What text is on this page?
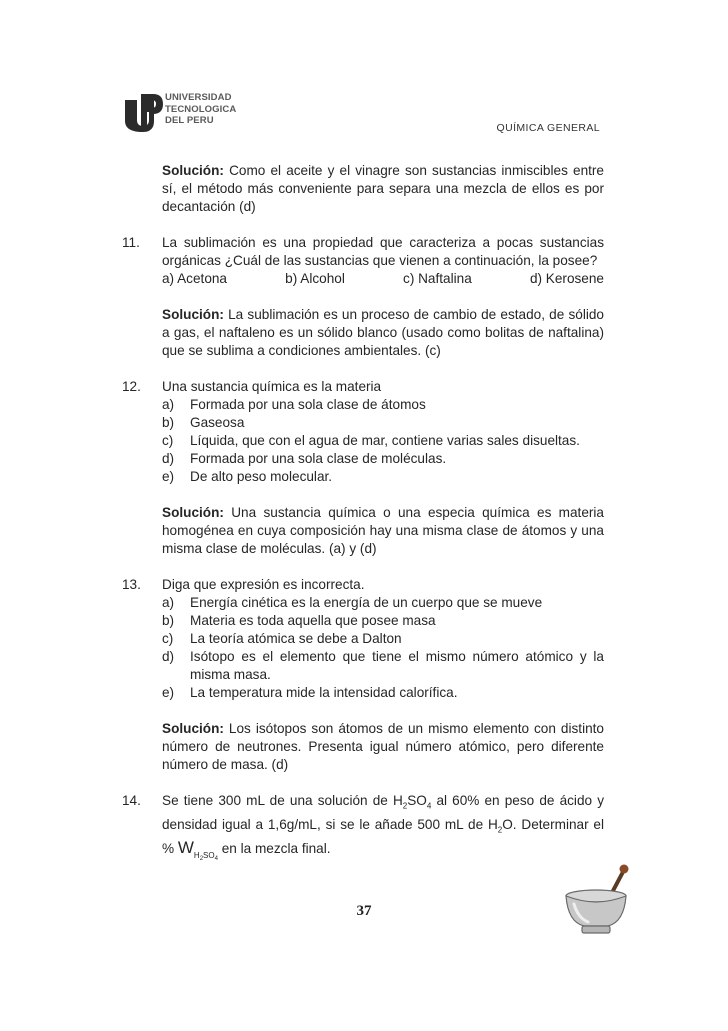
UNIVERSIDAD
TECNOLOGICA
DEL PERU
QUÍMICA GENERAL

Solución: Como el aceite y el vinagre son sustancias inmiscibles entre sí, el método más conveniente para separa una mezcla de ellos es por decantación (d)

11. La sublimación es una propiedad que caracteriza a pocas sustancias orgánicas ¿Cuál de las sustancias que vienen a continuación, la posee?

a) Acetona	b) Alcohol	c) Naftalina	d) Kerosene

Solución: La sublimación es un proceso de cambio de estado, de sólido a gas, el naftaleno es un sólido blanco (usado como bolitas de naftalina) que se sublima a condiciones ambientales. (c)

12. Una sustancia química es la materia
a) Formada por una sola clase de átomos
b) Gaseosa
c) Líquida, que con el agua de mar, contiene varias sales disueltas.
d) Formada por una sola clase de moléculas.
e) De alto peso molecular.

Solución: Una sustancia química o una especia química es materia homogénea en cuya composición hay una misma clase de átomos y una misma clase de moléculas. (a) y (d)

13. Diga que expresión es incorrecta.
a) Energía cinética es la energía de un cuerpo que se mueve
b) Materia es toda aquella que posee masa
c) La teoría atómica se debe a Dalton
d) Isótopo es el elemento que tiene el mismo número atómico y la misma masa.
e) La temperatura mide la intensidad calorífica.

Solución: Los isótopos son átomos de un mismo elemento con distinto número de neutrones. Presenta igual número atómico, pero diferente número de masa. (d)

14. Se tiene 300 mL de una solución de $H_2SO_4$ al 60% en peso de ácido y densidad igual a 1,6g/mL, si se le añade 500 mL de $H_2O$. Determinar el % $W_{H_2SO_4}$ en la mezcla final.

37
